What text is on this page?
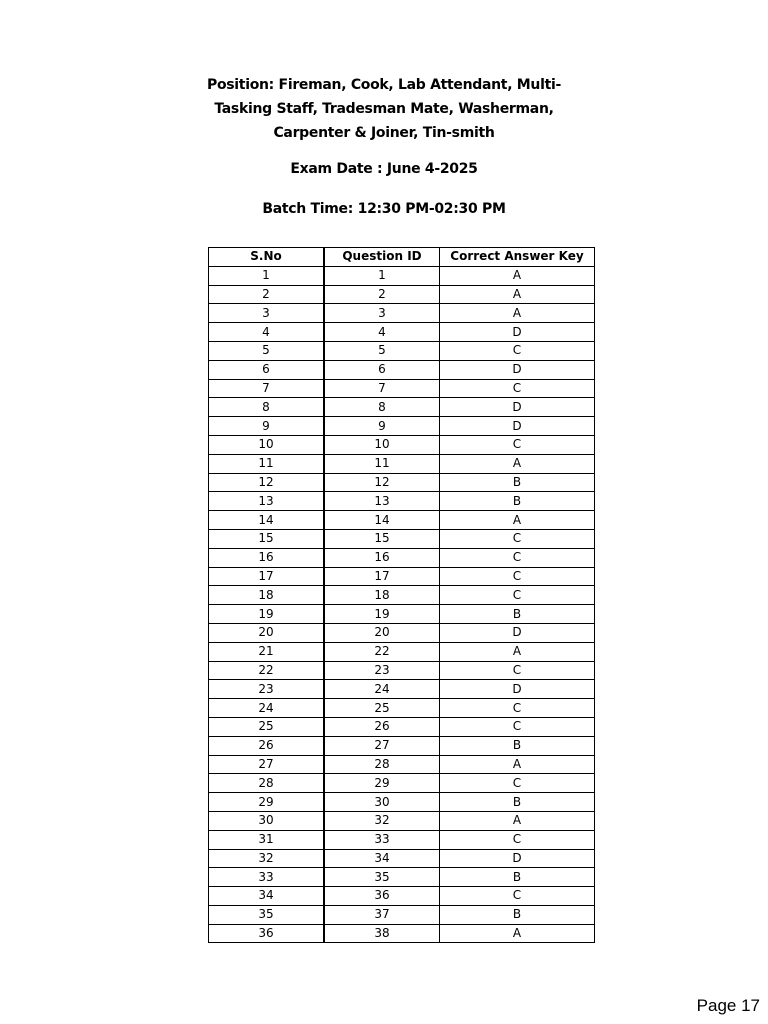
Position: Fireman, Cook, Lab Attendant, Multi-
Tasking Staff, Tradesman Mate, Washerman,
Carpenter & Joiner, Tin-smith
Exam Date : June 4-2025
Batch Time: 12:30 PM-02:30 PM
S.No	Question ID	Correct Answer Key
1	1	A
2	2	A
3	3	A
4	4	D
5	5	C
6	6	D
7	7	C
8	8	D
9	9	D
10	10	C
11	11	A
12	12	B
13	13	B
14	14	A
15	15	C
16	16	C
17	17	C
18	18	C
19	19	B
20	20	D
21	22	A
22	23	C
23	24	D
24	25	C
25	26	C
26	27	B
27	28	A
28	29	C
29	30	B
30	32	A
31	33	C
32	34	D
33	35	B
34	36	C
35	37	B
36	38	A
Page 17
